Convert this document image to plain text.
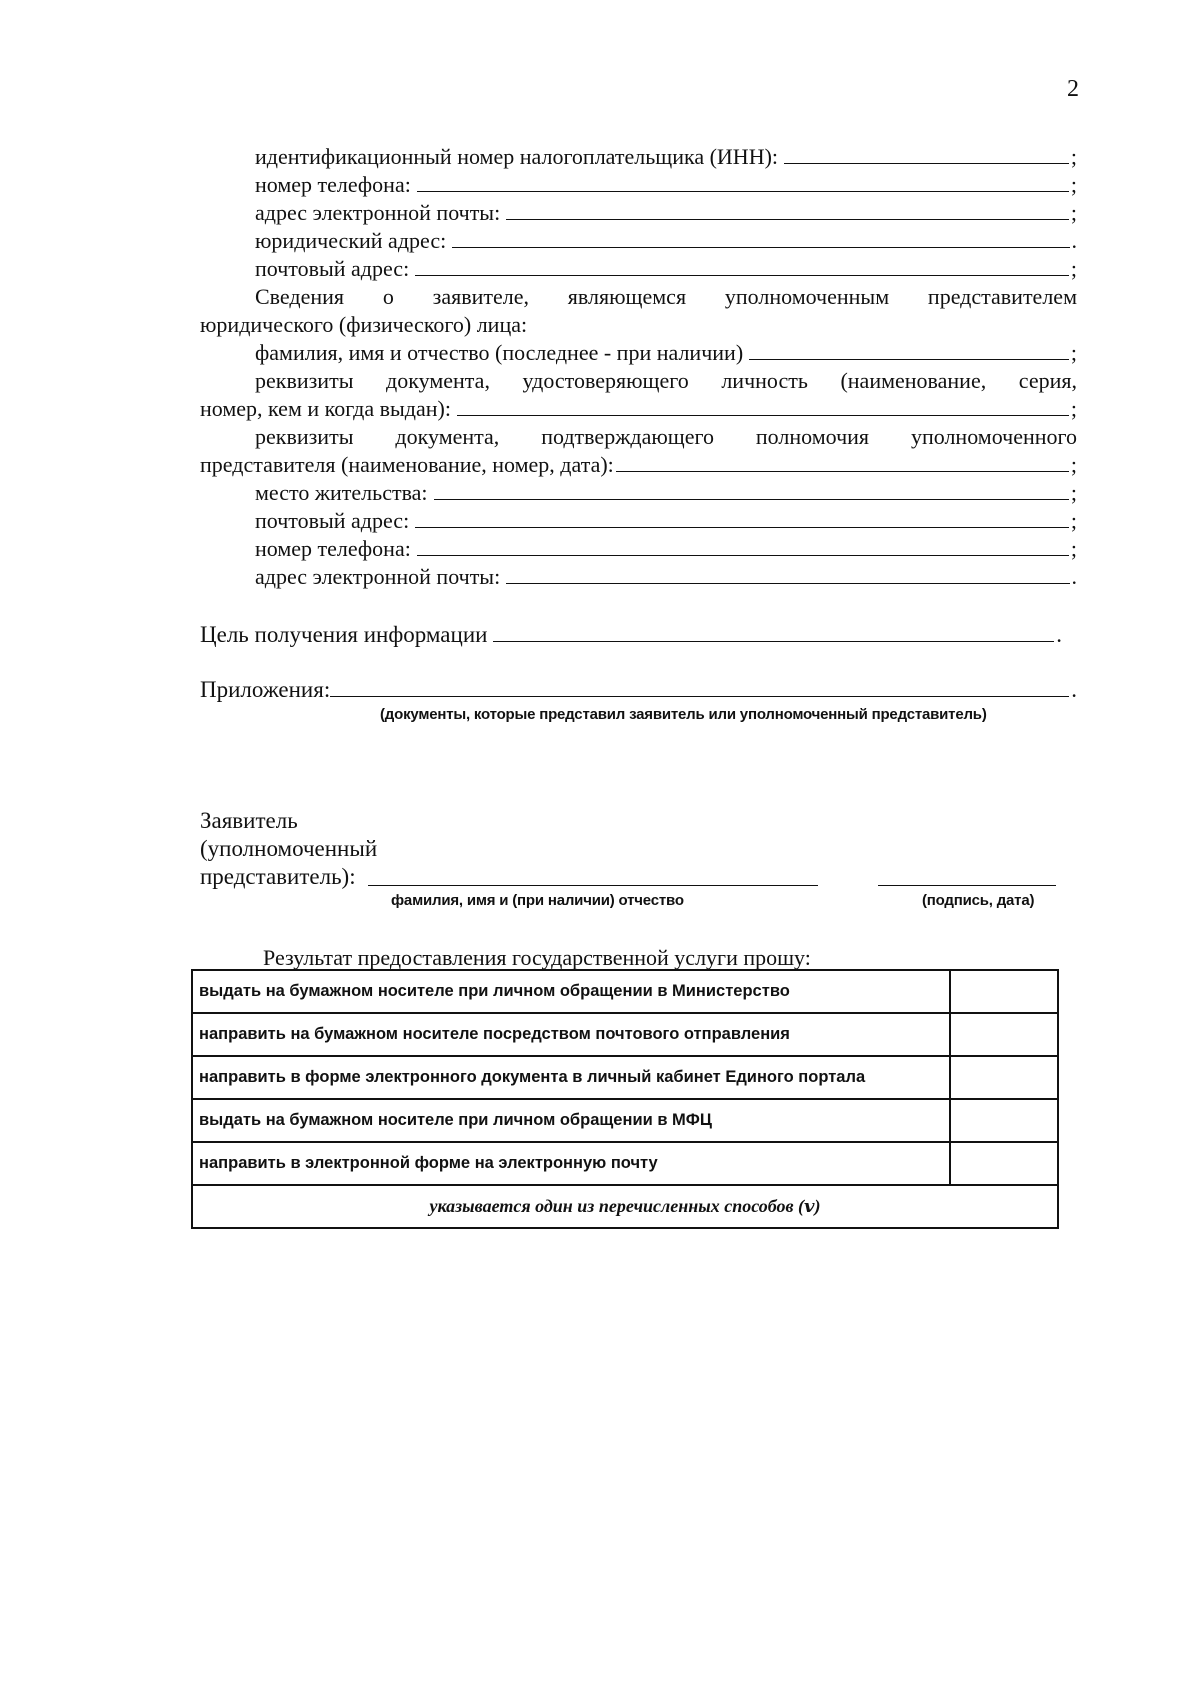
2
идентификационный номер налогоплательщика (ИНН):	;
номер телефона:	;
адрес электронной почты:	;
юридический адрес:	.
почтовый адрес:	;
Сведения о заявителе, являющемся уполномоченным представителем
юридического (физического) лица:
фамилия, имя и отчество (последнее - при наличии)	;
реквизиты документа, удостоверяющего личность (наименование, серия,
номер, кем и когда выдан):	;
реквизиты документа, подтверждающего полномочия уполномоченного
представителя (наименование, номер, дата):	;
место жительства:	;
почтовый адрес:	;
номер телефона:	;
адрес электронной почты:	.
Цель получения информации	.
Приложения:	.
(документы, которые представил заявитель или уполномоченный представитель)
Заявитель
(уполномоченный
представитель):
фамилия, имя и (при наличии) отчество	(подпись, дата)
Результат предоставления государственной услуги прошу:
выдать на бумажном носителе при личном обращении в Министерство	
направить на бумажном носителе посредством почтового отправления	
направить в форме электронного документа в личный кабинет Единого портала	
выдать на бумажном носителе при личном обращении в МФЦ	
направить в электронной форме на электронную почту	
указывается один из перечисленных способов (ⅴ)	
